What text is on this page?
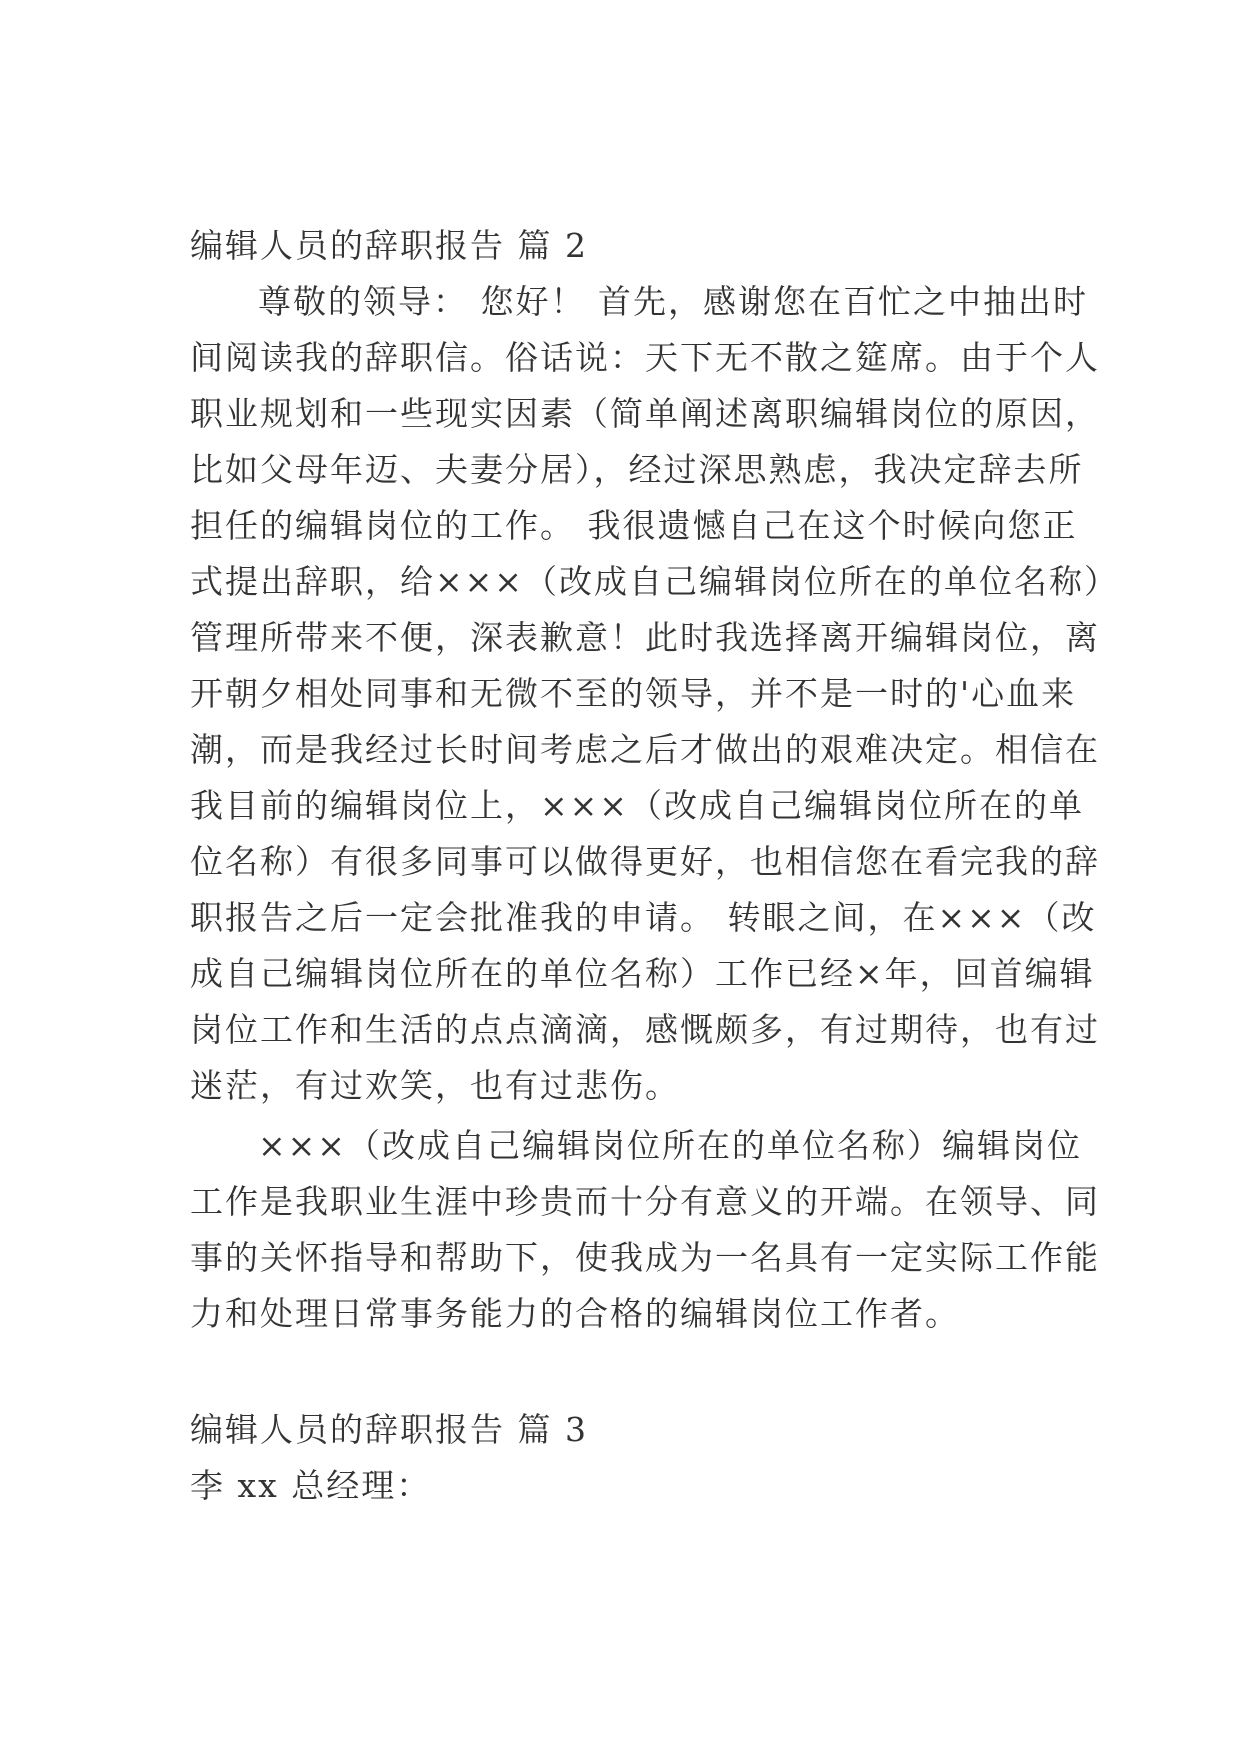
编辑人员的辞职报告 篇 2
尊敬的领导： 您好！ 首先，感谢您在百忙之中抽出时
间阅读我的辞职信。俗话说：天下无不散之筵席。由于个人
职业规划和一些现实因素（简单阐述离职编辑岗位的原因，
比如父母年迈、夫妻分居），经过深思熟虑，我决定辞去所
担任的编辑岗位的工作。 我很遗憾自己在这个时候向您正
式提出辞职，给×××（改成自己编辑岗位所在的单位名称）
管理所带来不便，深表歉意！此时我选择离开编辑岗位，离
开朝夕相处同事和无微不至的领导，并不是一时的'心血来
潮，而是我经过长时间考虑之后才做出的艰难决定。相信在
我目前的编辑岗位上，×××（改成自己编辑岗位所在的单
位名称）有很多同事可以做得更好，也相信您在看完我的辞
职报告之后一定会批准我的申请。 转眼之间，在×××（改
成自己编辑岗位所在的单位名称）工作已经×年，回首编辑
岗位工作和生活的点点滴滴，感慨颇多，有过期待，也有过
迷茫，有过欢笑，也有过悲伤。
×××（改成自己编辑岗位所在的单位名称）编辑岗位
工作是我职业生涯中珍贵而十分有意义的开端。在领导、同
事的关怀指导和帮助下，使我成为一名具有一定实际工作能
力和处理日常事务能力的合格的编辑岗位工作者。
编辑人员的辞职报告 篇 3
李 xx 总经理：
